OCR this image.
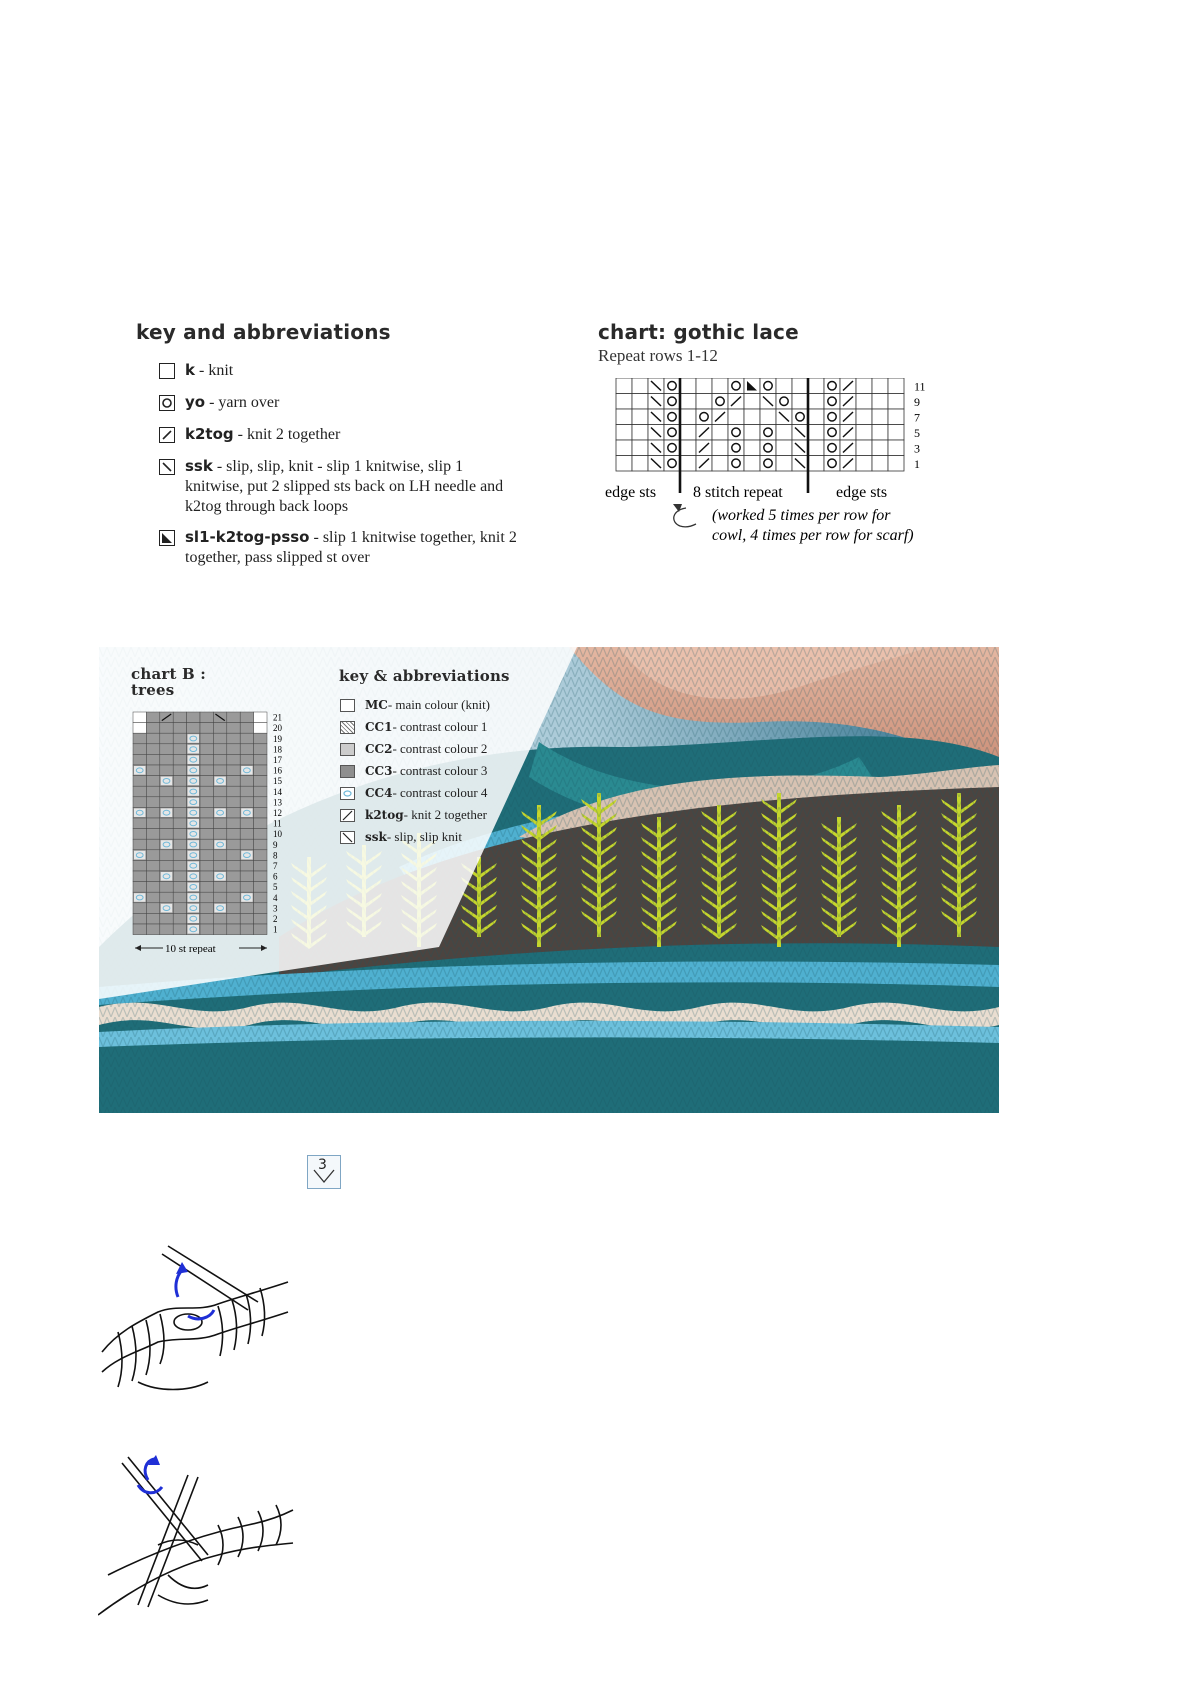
key and abbreviations
k - knit
yo - yarn over
k2tog - knit 2 together
ssk - slip, slip, knit - slip 1 knitwise, slip 1 knitwise, put 2 slipped sts back on LH needle and k2tog through back loops
sl1-k2tog-psso - slip 1 knitwise together, knit 2 together, pass slipped st over
chart: gothic lace
Repeat rows 1-12
11
9
7
5
3
1
edge sts 8 stitch repeat	edge sts
(worked 5 times per row for
cowl, 4 times per row for scarf)
chart B :
trees
21
20
19
18
17
16
15
14
13
12
11
10
9
8
7
6
5
4
3
2
1
10 st repeat
key & abbreviations
MC - main colour (knit)
CC1 - contrast colour 1
CC2 - contrast colour 2
CC3 - contrast colour 3
CC4 - contrast colour 4
k2tog - knit 2 together
ssk - slip, slip knit
3
